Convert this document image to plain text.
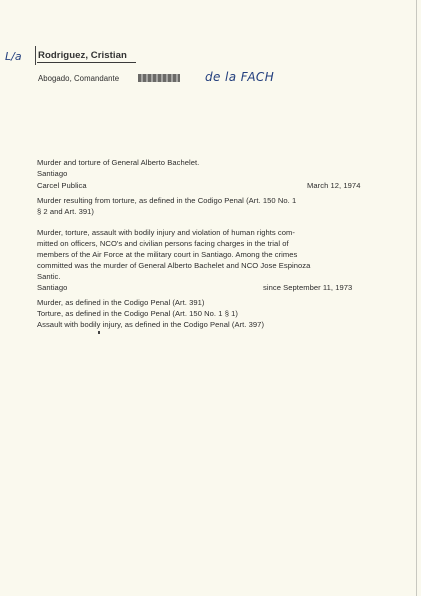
L/a Rodriguez, Cristian
Abogado, Comandante	de la FACH
Murder and torture of General Alberto Bachelet.
Santiago
Carcel Publica	March 12, 1974
Murder resulting from torture, as defined in the Codigo Penal (Art. 150 No. 1
§ 2 and Art. 391)
Murder, torture, assault with bodily injury and violation of human rights com-
mitted on officers, NCO's and civilian persons facing charges in the trial of
members of the Air Force at the military court in Santiago. Among the crimes
committed was the murder of General Alberto Bachelet and NCO Jose Espinoza
Santic.
Santiago	since September 11, 1973
Murder, as defined in the Codigo Penal (Art. 391)
Torture, as defined in the Codigo Penal (Art. 150 No. 1 § 1)
Assault with bodily injury, as defined in the Codigo Penal (Art. 397)
